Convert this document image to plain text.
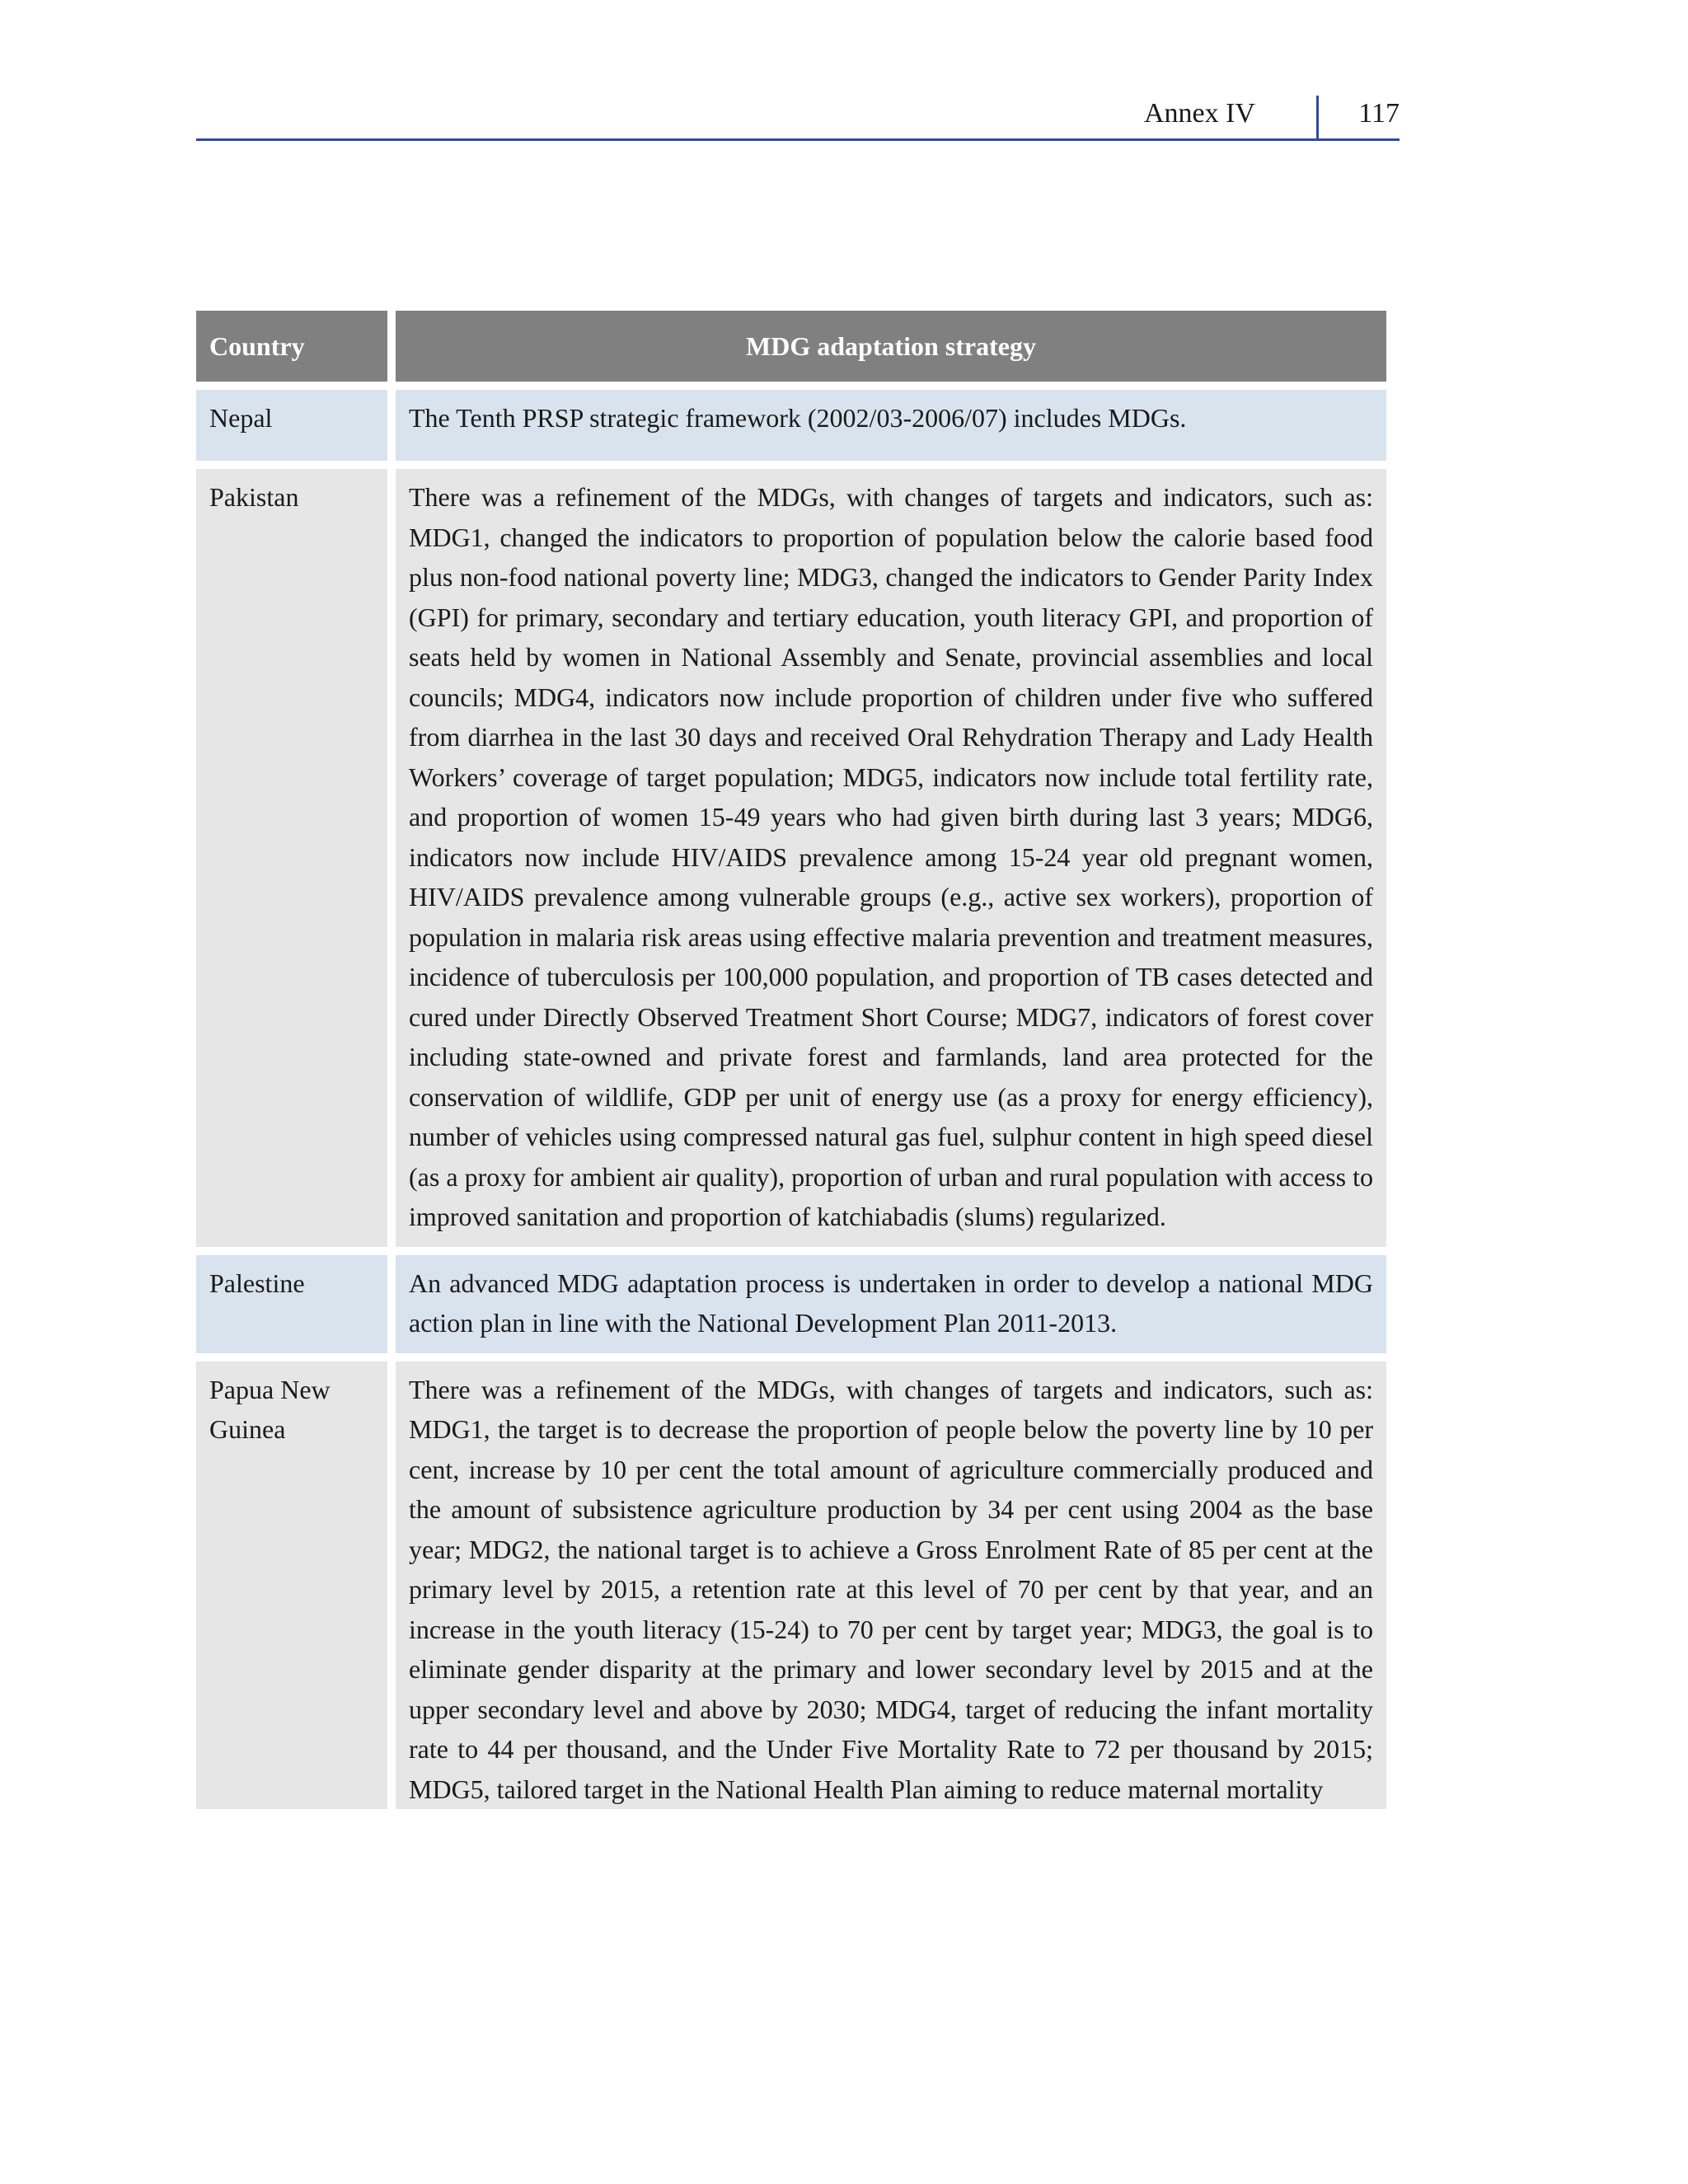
Annex IV	117
Country	MDG adaptation strategy
Nepal	The Tenth PRSP strategic framework (2002/03-2006/07) includes MDGs.
Pakistan	There was a refinement of the MDGs, with changes of targets and indicators, such as: MDG1, changed the indicators to proportion of population below the calorie based food plus non-food national poverty line; MDG3, changed the indicators to Gender Parity Index (GPI) for primary, secondary and tertiary education, youth literacy GPI, and proportion of seats held by women in National Assembly and Senate, provincial assemblies and local councils; MDG4, indicators now include proportion of children under five who suffered from diarrhea in the last 30 days and received Oral Rehydration Therapy and Lady Health Workers’ coverage of target population; MDG5, indicators now include total fertility rate, and proportion of women 15-49 years who had given birth during last 3 years; MDG6, indicators now include HIV/AIDS prevalence among 15-24 year old pregnant women, HIV/AIDS prevalence among vulnerable groups (e.g., active sex workers), proportion of population in malaria risk areas using effective malaria prevention and treatment measures, incidence of tuberculosis per 100,000 population, and proportion of TB cases detected and cured under Directly Observed Treatment Short Course; MDG7, indicators of forest cover including state-owned and private forest and farmlands, land area protected for the conservation of wildlife, GDP per unit of energy use (as a proxy for energy efficiency), number of vehicles using compressed natural gas fuel, sulphur content in high speed diesel (as a proxy for ambient air quality), proportion of urban and rural population with access to improved sanitation and proportion of katchiabadis (slums) regularized.
Palestine	An advanced MDG adaptation process is undertaken in order to develop a national MDG action plan in line with the National Development Plan 2011-2013.
Papua New Guinea	There was a refinement of the MDGs, with changes of targets and indicators, such as: MDG1, the target is to decrease the proportion of people below the poverty line by 10 per cent, increase by 10 per cent the total amount of agriculture commercially produced and the amount of subsistence agriculture production by 34 per cent using 2004 as the base year; MDG2, the national target is to achieve a Gross Enrolment Rate of 85 per cent at the primary level by 2015, a retention rate at this level of 70 per cent by that year, and an increase in the youth literacy (15-24) to 70 per cent by target year; MDG3, the goal is to eliminate gender disparity at the primary and lower secondary level by 2015 and at the upper secondary level and above by 2030; MDG4, target of reducing the infant mortality rate to 44 per thousand, and the Under Five Mortality Rate to 72 per thousand by 2015; MDG5, tailored target in the National Health Plan aiming to reduce maternal mortality
